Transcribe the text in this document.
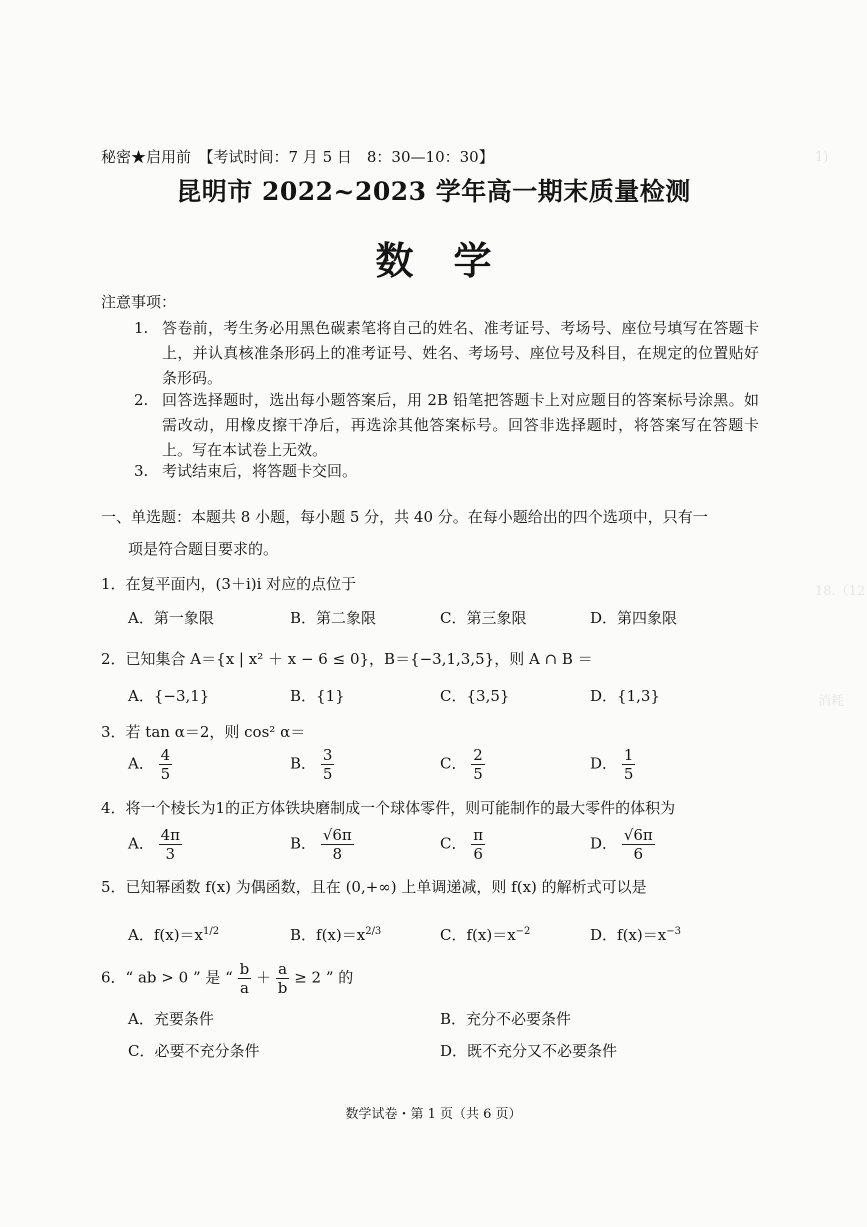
1)
18.（12
消耗
秘密★启用前　【考试时间：7 月 5 日　8：30—10：30】
昆明市 2022~2023 学年高一期末质量检测
数学
注意事项：
1. 答卷前，考生务必用黑色碳素笔将自己的姓名、准考证号、考场号、座位号填写在答题卡上，并认真核准条形码上的准考证号、姓名、考场号、座位号及科目，在规定的位置贴好条形码。
2. 回答选择题时，选出每小题答案后，用 2B 铅笔把答题卡上对应题目的答案标号涂黑。如需改动，用橡皮擦干净后，再选涂其他答案标号。回答非选择题时，将答案写在答题卡上。写在本试卷上无效。
3. 考试结束后，将答题卡交回。
一、单选题：本题共 8 小题，每小题 5 分，共 40 分。在每小题给出的四个选项中，只有一
项是符合题目要求的。
1．在复平面内，(3＋i)i 对应的点位于
A．第一象限	B．第二象限	C．第三象限	D．第四象限
2．已知集合 A＝{x | x² ＋ x − 6 ≤ 0}，B＝{−3,1,3,5}，则 A ∩ B ＝
A．{−3,1}	B．{1}	C．{3,5}	D．{1,3}
3．若 tan α＝2，则 cos² α＝
A． $\frac{4}{5}$	B． $\frac{3}{5}$	C． $\frac{2}{5}$	D． $\frac{1}{5}$
4．将一个棱长为1的正方体铁块磨制成一个球体零件，则可能制作的最大零件的体积为
A． $\frac{4\pi}{3}$	B． $\frac{√6\pi}{8}$	C． $\frac{\pi}{6}$	D． $\frac{√6\pi}{6}$
5．已知幂函数 f(x) 为偶函数，且在 (0,+∞) 上单调递减，则 f(x) 的解析式可以是
A．$f(x)=x^{1/2}$	B．$f(x)=x^{2/3}$	C．$f(x)=x^{-2}$	D．$f(x)=x^{-3}$
6．“ ab > 0 ” 是 “ $\frac{b}{a} + \frac{a}{b} \ge 2$ ” 的
A．充要条件	B．充分不必要条件
C．必要不充分条件	D．既不充分又不必要条件
数学试卷・第 1 页（共 6 页）
